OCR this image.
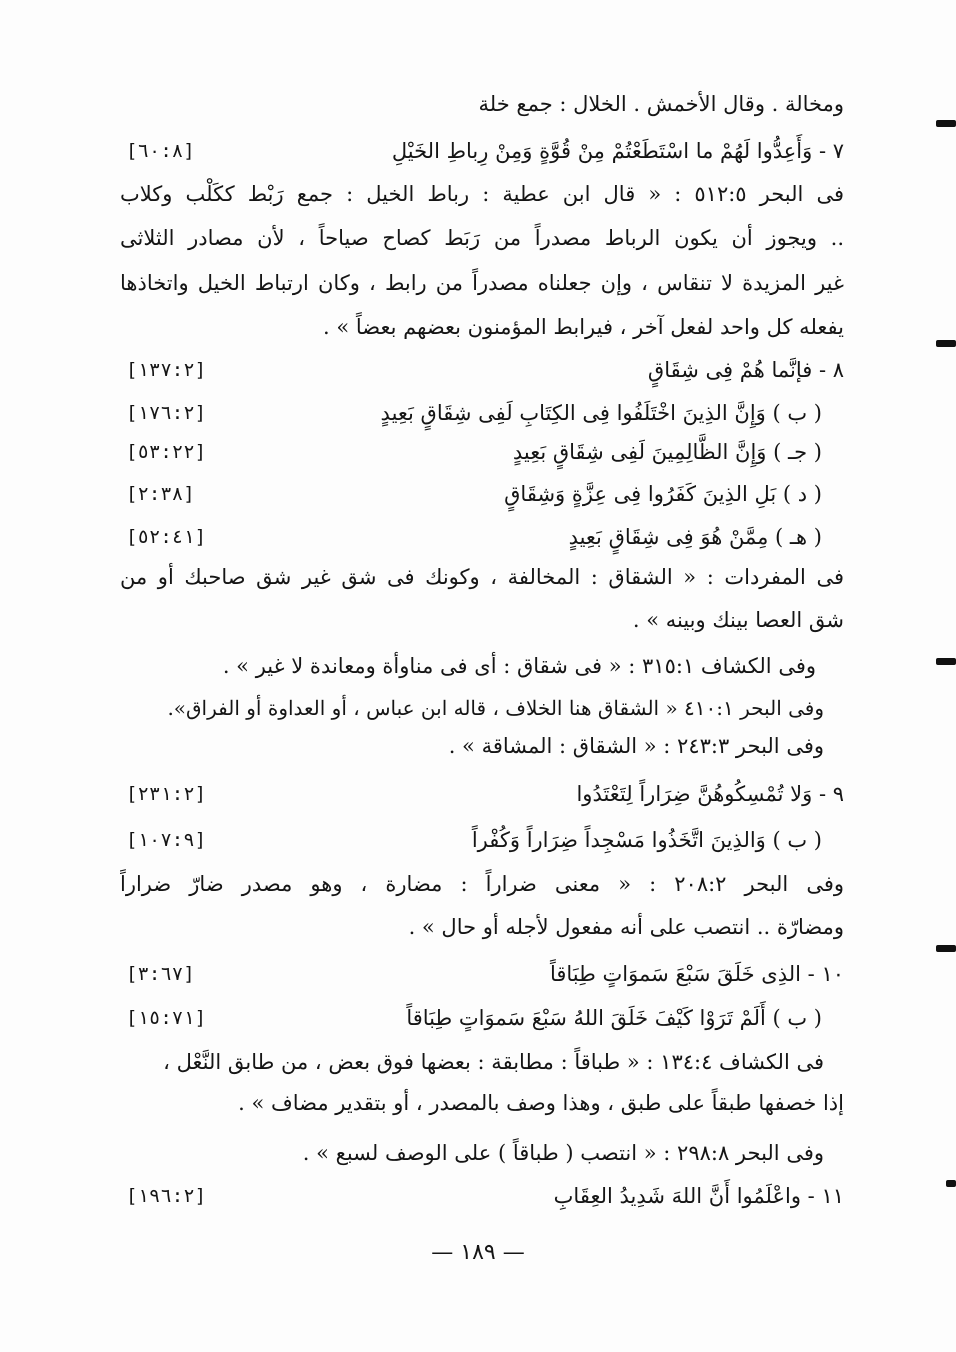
ومخالة . وقال الأخمش . الخلال : جمع خلة
٧ - وَأَعِدُّوا لَهُمْ ما اسْتَطَعْتُمْ مِنْ قُوَّةٍ وَمِنْ رِباطِ الخَيْلِ
[٦٠:٨]
فى البحر ٥١٢:٥ : « قال ابن عطية : رباط الخيل : جمع رَبْط ككَلْب وكلاب
.. ويجوز أن يكون الرباط مصدراً من رَبَط كصاح صياحاً ، لأن مصادر الثلاثى
غير المزيدة لا تنقاس ، وإن جعلناه مصدراً من رابط ، وكان ارتباط الخيل واتخاذها
يفعله كل واحد لفعل آخر ، فيرابط المؤمنون بعضهم بعضاً » .
٨ - فإنَّما هُمْ فِى شِقَاقٍ
[١٣٧:٢]
( ب ) وَإِنَّ الذِينَ اخْتَلَفُوا فِى الكِتَابِ لَفِى شِقَاقٍ بَعِيدٍ
[١٧٦:٢]
( جـ ) وَإِنَّ الظَّالِمِينَ لَفِى شِقَاقٍ بَعِيدٍ
[٥٣:٢٢]
( د ) بَلِ الذِينَ كَفَرُوا فِى عِزَّةٍ وَشِقَاقٍ
[٢:٣٨]
( هـ ) مِمَّنْ هُوَ فِى شِقَاقٍ بَعِيدٍ
[٥٢:٤١]
فى المفردات : « الشقاق : المخالفة ، وكونك فى شق غير شق صاحبك أو من
شق العصا بينك وبينه » .
وفى الكشاف ٣١٥:١ : « فى شقاق : أى فى مناوأة ومعاندة لا غير » .
وفى البحر ٤١٠:١ « الشقاق هنا الخلاف ، قاله ابن عباس ، أو العداوة أو الفراق».
وفى البحر ٢٤٣:٣ : « الشقاق : المشاقة » .
٩ - وَلا تُمْسِكُوهُنَّ ضِرَاراً لِتَعْتَدُوا
[٢٣١:٢]
( ب ) وَالذِينَ اتَّخَذُوا مَسْجِداً ضِرَاراً وَكُفْراً
[١٠٧:٩]
وفى البحر ٢٠٨:٢ : « معنى ضراراً : مضارة ، وهو مصدر ضارّ ضراراً
ومضارّة .. انتصب على أنه مفعول لأجله أو حال » .
١٠ - الذِى خَلَقَ سَبْعَ سَموَاتٍ طِبَاقاً
[٣:٦٧]
( ب ) أَلَمْ تَرَوْا كَيْفَ خَلَقَ اللهُ سَبْعَ سَموَاتٍ طِبَاقاً
[١٥:٧١]
فى الكشاف ١٣٤:٤ : « طباقاً : مطابقة : بعضها فوق بعض ، من طابق النَّعْل ،
إذا خصفها طبقاً على طبق ، وهذا وصف بالمصدر ، أو بتقدير مضاف » .
وفى البحر ٢٩٨:٨ : « انتصب ( طباقاً ) على الوصف لسبع » .
١١ - واعْلَمُوا أَنَّ اللهَ شَدِيدُ العِقَابِ
[١٩٦:٢]
— ١٨٩ —
